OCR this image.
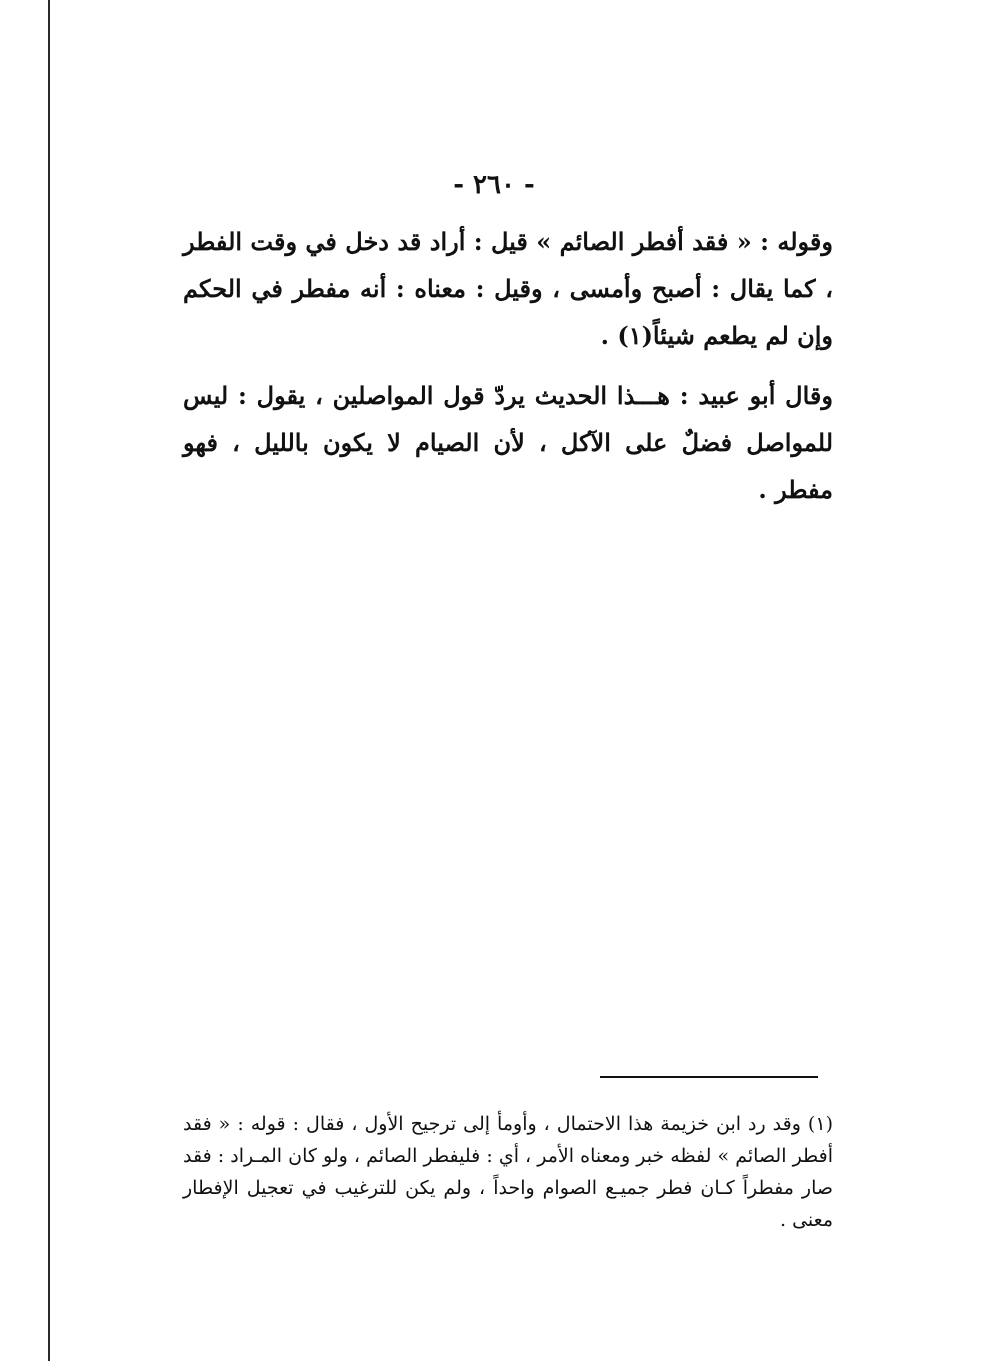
- ٢٦٠ -

وقوله : « فقد أفطر الصائم » قيل : أراد قد دخل في وقت الفطر ، كما يقال : أصبح وأمسى ، وقيل : معناه : أنه مفطر في الحكم وإن لم يطعم شيئاً(١) .

وقال أبو عبيد : هـــذا الحديث يردّ قول المواصلين ، يقول : ليس للمواصل فضلٌ على الآكل ، لأن الصيام لا يكون بالليل ، فهو مفطر .

(١) وقد رد ابن خزيمة هذا الاحتمال ، وأومأ إلى ترجيح الأول ، فقال : قوله : « فقد أفطر الصائم » لفظه خبر ومعناه الأمر ، أي : فليفطر الصائم ، ولو كان المـراد : فقد صار مفطراً كـان فطر جميـع الصوام واحداً ، ولم يكن للترغيب في تعجيل الإفطار معنى .
